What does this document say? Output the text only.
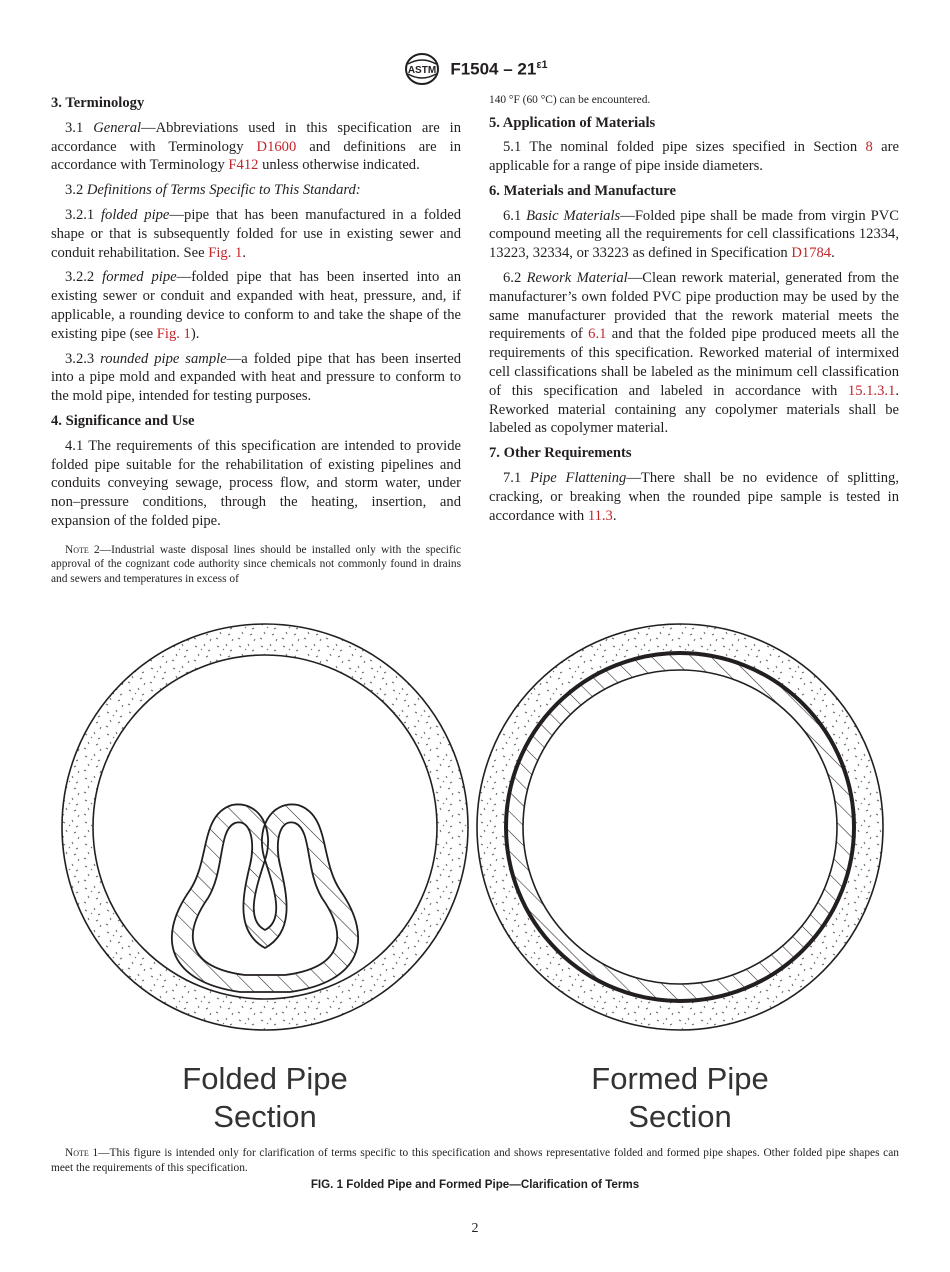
ASTM $F1504 - 21^{\varepsilon 1}$
3. Terminology

3.1 General—Abbreviations used in this specification are in accordance with Terminology D1600 and definitions are in accordance with Terminology F412 unless otherwise indicated.

3.2 Definitions of Terms Specific to This Standard:

3.2.1 folded pipe—pipe that has been manufactured in a folded shape or that is subsequently folded for use in existing sewer and conduit rehabilitation. See Fig. 1.

3.2.2 formed pipe—folded pipe that has been inserted into an existing sewer or conduit and expanded with heat, pressure, and, if applicable, a rounding device to conform to and take the shape of the existing pipe (see Fig. 1).

3.2.3 rounded pipe sample—a folded pipe that has been inserted into a pipe mold and expanded with heat and pressure to conform to the mold pipe, intended for testing purposes.

4. Significance and Use

4.1 The requirements of this specification are intended to provide folded pipe suitable for the rehabilitation of existing pipelines and conduits conveying sewage, process flow, and storm water, under non–pressure conditions, through the heating, insertion, and expansion of the folded pipe.

Note 2—Industrial waste disposal lines should be installed only with the specific approval of the cognizant code authority since chemicals not commonly found in drains and sewers and temperatures in excess of

140 °F (60 °C) can be encountered.

5. Application of Materials

5.1 The nominal folded pipe sizes specified in Section 8 are applicable for a range of pipe inside diameters.

6. Materials and Manufacture

6.1 Basic Materials—Folded pipe shall be made from virgin PVC compound meeting all the requirements for cell classifications 12334, 13223, 32334, or 33223 as defined in Specification D1784.

6.2 Rework Material—Clean rework material, generated from the manufacturer’s own folded PVC pipe production may be used by the same manufacturer provided that the rework material meets the requirements of 6.1 and that the folded pipe produced meets all the requirements of this specification. Reworked material of intermixed cell classifications shall be labeled as the minimum cell classification of this specification and labeled in accordance with 15.1.3.1. Reworked material containing any copolymer materials shall be labeled as copolymer material.

7. Other Requirements

7.1 Pipe Flattening—There shall be no evidence of splitting, cracking, or breaking when the rounded pipe sample is tested in accordance with 11.3.

Folded Pipe
Section
Formed Pipe
Section

Note 1—This figure is intended only for clarification of terms specific to this specification and shows representative folded and formed pipe shapes. Other folded pipe shapes can meet the requirements of this specification.

FIG. 1 Folded Pipe and Formed Pipe—Clarification of Terms
2
